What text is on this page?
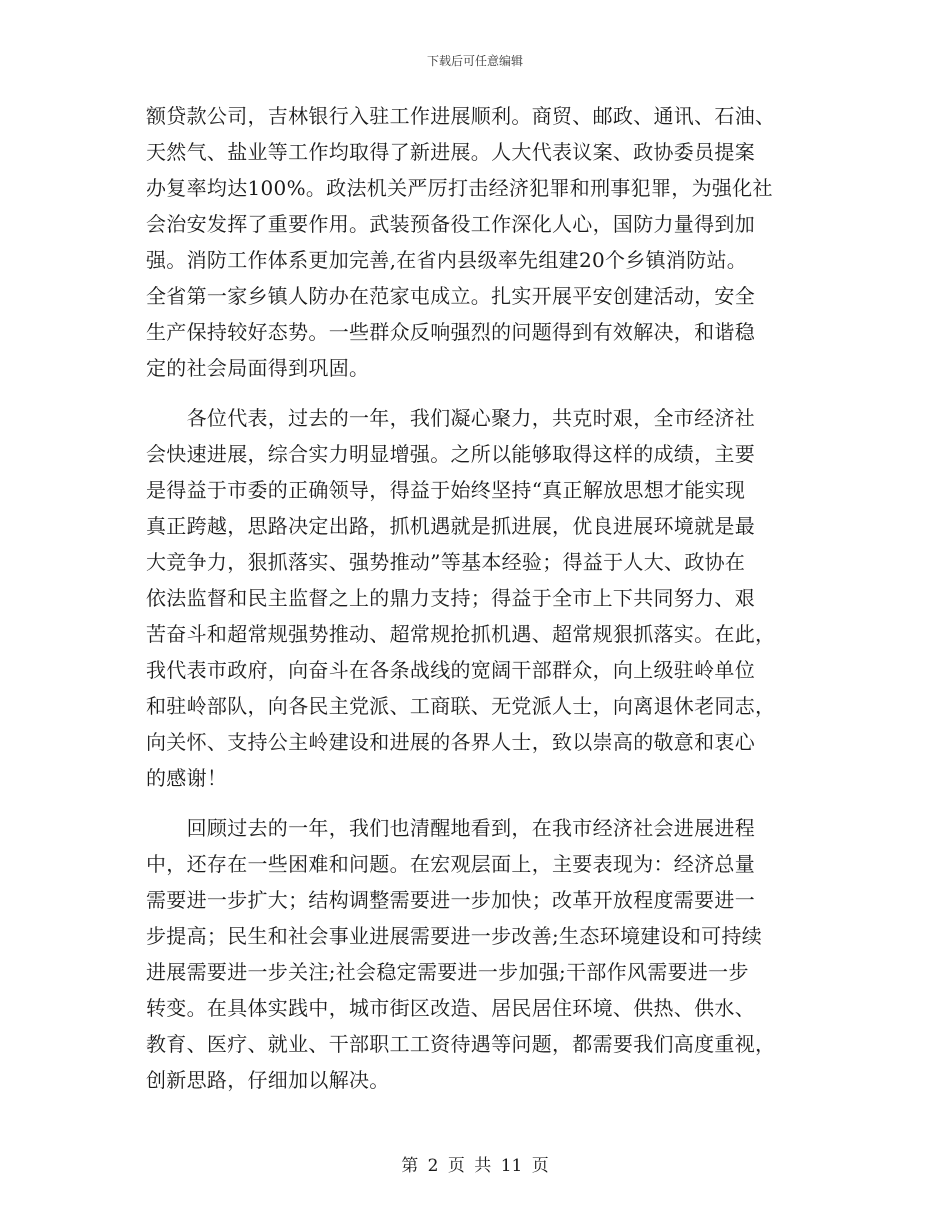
下载后可任意编辑
额贷款公司，吉林银行入驻工作进展顺利。商贸、邮政、通讯、石油、
天然气、盐业等工作均取得了新进展。人大代表议案、政协委员提案
办复率均达100%。政法机关严厉打击经济犯罪和刑事犯罪，为强化社
会治安发挥了重要作用。武装预备役工作深化人心，国防力量得到加
强。消防工作体系更加完善,在省内县级率先组建20个乡镇消防站。
全省第一家乡镇人防办在范家屯成立。扎实开展平安创建活动，安全
生产保持较好态势。一些群众反响强烈的问题得到有效解决，和谐稳
定的社会局面得到巩固。
　　各位代表，过去的一年，我们凝心聚力，共克时艰，全市经济社
会快速进展，综合实力明显增强。之所以能够取得这样的成绩，主要
是得益于市委的正确领导，得益于始终坚持“真正解放思想才能实现
真正跨越，思路决定出路，抓机遇就是抓进展，优良进展环境就是最
大竞争力，狠抓落实、强势推动”等基本经验；得益于人大、政协在
依法监督和民主监督之上的鼎力支持；得益于全市上下共同努力、艰
苦奋斗和超常规强势推动、超常规抢抓机遇、超常规狠抓落实。在此，
我代表市政府，向奋斗在各条战线的宽阔干部群众，向上级驻岭单位
和驻岭部队，向各民主党派、工商联、无党派人士，向离退休老同志，
向关怀、支持公主岭建设和进展的各界人士，致以崇高的敬意和衷心
的感谢！
　　回顾过去的一年，我们也清醒地看到，在我市经济社会进展进程
中，还存在一些困难和问题。在宏观层面上，主要表现为：经济总量
需要进一步扩大；结构调整需要进一步加快；改革开放程度需要进一
步提高；民生和社会事业进展需要进一步改善;生态环境建设和可持续
进展需要进一步关注;社会稳定需要进一步加强;干部作风需要进一步
转变。在具体实践中，城市街区改造、居民居住环境、供热、供水、
教育、医疗、就业、干部职工工资待遇等问题，都需要我们高度重视，
创新思路，仔细加以解决。
第 2 页 共 11 页
